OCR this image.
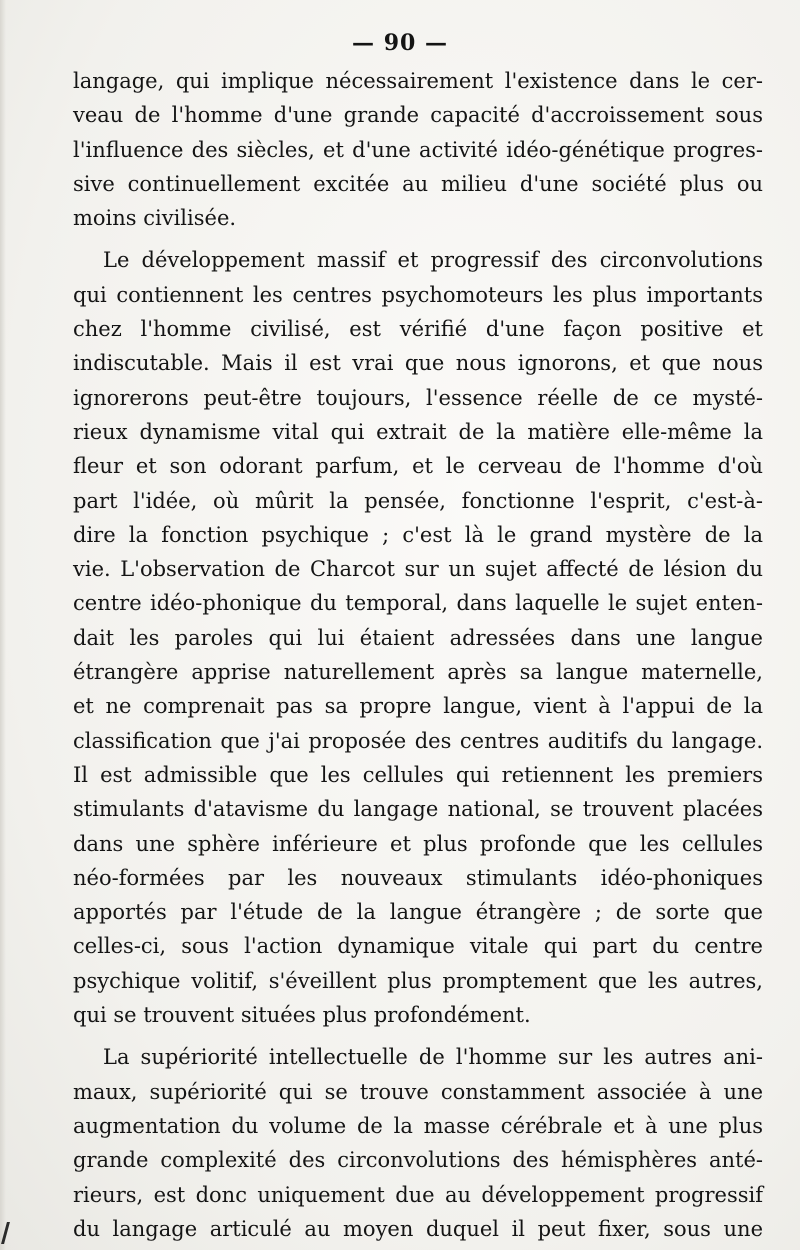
— 90 —
langage, qui implique nécessairement l'existence dans le cer-
veau de l'homme d'une grande capacité d'accroissement sous
l'influence des siècles, et d'une activité idéo-génétique progres-
sive continuellement excitée au milieu d'une société plus ou
moins civilisée.
Le développement massif et progressif des circonvolutions
qui contiennent les centres psychomoteurs les plus importants
chez l'homme civilisé, est vérifié d'une façon positive et
indiscutable. Mais il est vrai que nous ignorons, et que nous
ignorerons peut-être toujours, l'essence réelle de ce mysté-
rieux dynamisme vital qui extrait de la matière elle-même la
fleur et son odorant parfum, et le cerveau de l'homme d'où
part l'idée, où mûrit la pensée, fonctionne l'esprit, c'est-à-
dire la fonction psychique ; c'est là le grand mystère de la
vie. L'observation de Charcot sur un sujet affecté de lésion du
centre idéo-phonique du temporal, dans laquelle le sujet enten-
dait les paroles qui lui étaient adressées dans une langue
étrangère apprise naturellement après sa langue maternelle,
et ne comprenait pas sa propre langue, vient à l'appui de la
classification que j'ai proposée des centres auditifs du langage.
Il est admissible que les cellules qui retiennent les premiers
stimulants d'atavisme du langage national, se trouvent placées
dans une sphère inférieure et plus profonde que les cellules
néo-formées par les nouveaux stimulants idéo-phoniques
apportés par l'étude de la langue étrangère ; de sorte que
celles-ci, sous l'action dynamique vitale qui part du centre
psychique volitif, s'éveillent plus promptement que les autres,
qui se trouvent situées plus profondément.
La supériorité intellectuelle de l'homme sur les autres ani-
maux, supériorité qui se trouve constamment associée à une
augmentation du volume de la masse cérébrale et à une plus
grande complexité des circonvolutions des hémisphères anté-
rieurs, est donc uniquement due au développement progressif
du langage articulé au moyen duquel il peut fixer, sous une
